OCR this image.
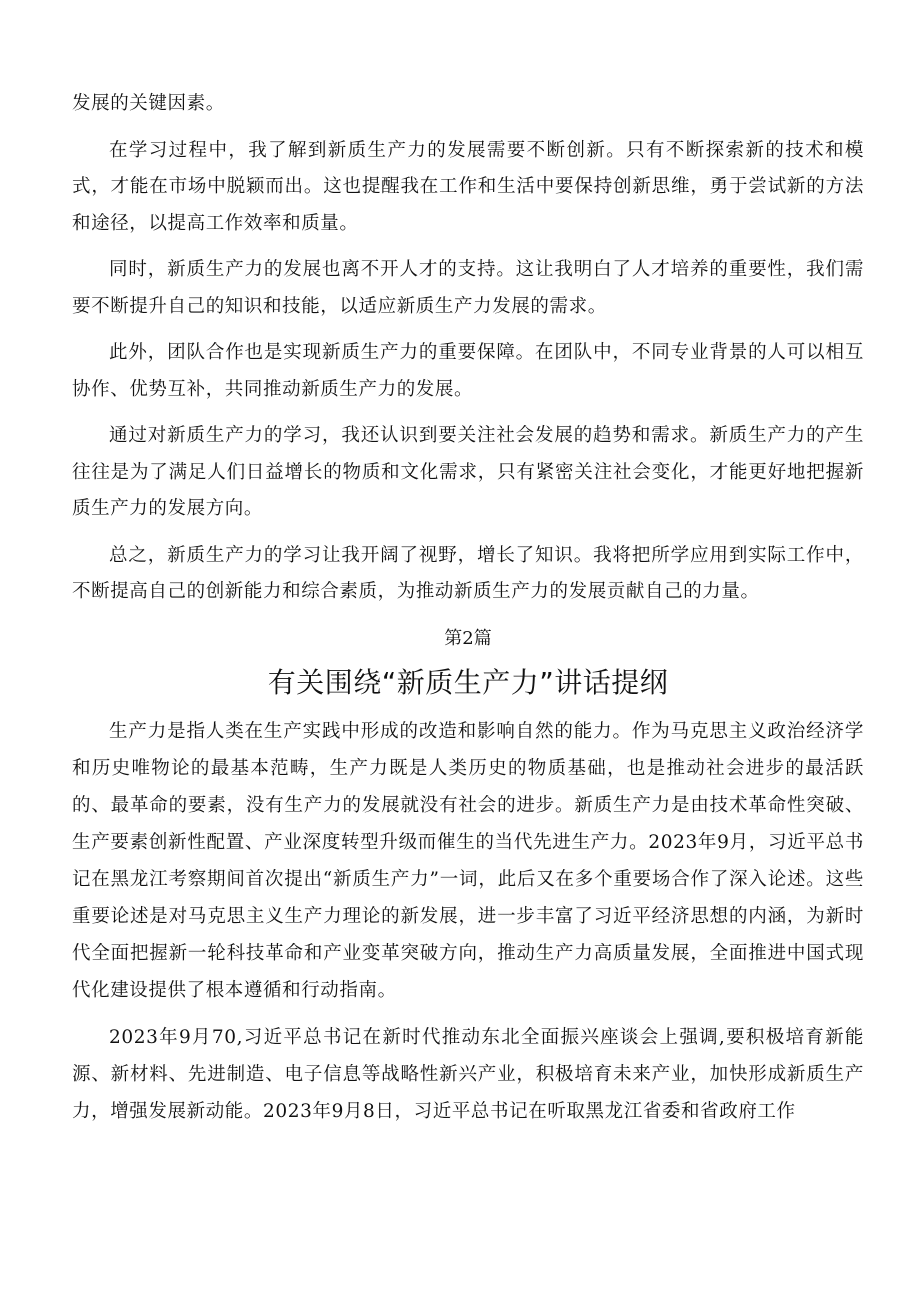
发展的关键因素。

在学习过程中，我了解到新质生产力的发展需要不断创新。只有不断探索新的技术和模式，才能在市场中脱颖而出。这也提醒我在工作和生活中要保持创新思维，勇于尝试新的方法和途径，以提高工作效率和质量。

同时，新质生产力的发展也离不开人才的支持。这让我明白了人才培养的重要性，我们需要不断提升自己的知识和技能，以适应新质生产力发展的需求。

此外，团队合作也是实现新质生产力的重要保障。在团队中，不同专业背景的人可以相互协作、优势互补，共同推动新质生产力的发展。

通过对新质生产力的学习，我还认识到要关注社会发展的趋势和需求。新质生产力的产生往往是为了满足人们日益增长的物质和文化需求，只有紧密关注社会变化，才能更好地把握新质生产力的发展方向。

总之，新质生产力的学习让我开阔了视野，增长了知识。我将把所学应用到实际工作中，不断提高自己的创新能力和综合素质，为推动新质生产力的发展贡献自己的力量。

第2篇
有关围绕“新质生产力”讲话提纲

生产力是指人类在生产实践中形成的改造和影响自然的能力。作为马克思主义政治经济学和历史唯物论的最基本范畴，生产力既是人类历史的物质基础，也是推动社会进步的最活跃的、最革命的要素，没有生产力的发展就没有社会的进步。新质生产力是由技术革命性突破、生产要素创新性配置、产业深度转型升级而催生的当代先进生产力。2023年9月，习近平总书记在黑龙江考察期间首次提出“新质生产力”一词，此后又在多个重要场合作了深入论述。这些重要论述是对马克思主义生产力理论的新发展，进一步丰富了习近平经济思想的内涵，为新时代全面把握新一轮科技革命和产业变革突破方向，推动生产力高质量发展，全面推进中国式现代化建设提供了根本遵循和行动指南。

2023年9月70,习近平总书记在新时代推动东北全面振兴座谈会上强调,要积极培育新能源、新材料、先进制造、电子信息等战略性新兴产业，积极培育未来产业，加快形成新质生产力，增强发展新动能。2023年9月8日，习近平总书记在听取黑龙江省委和省政府工作
